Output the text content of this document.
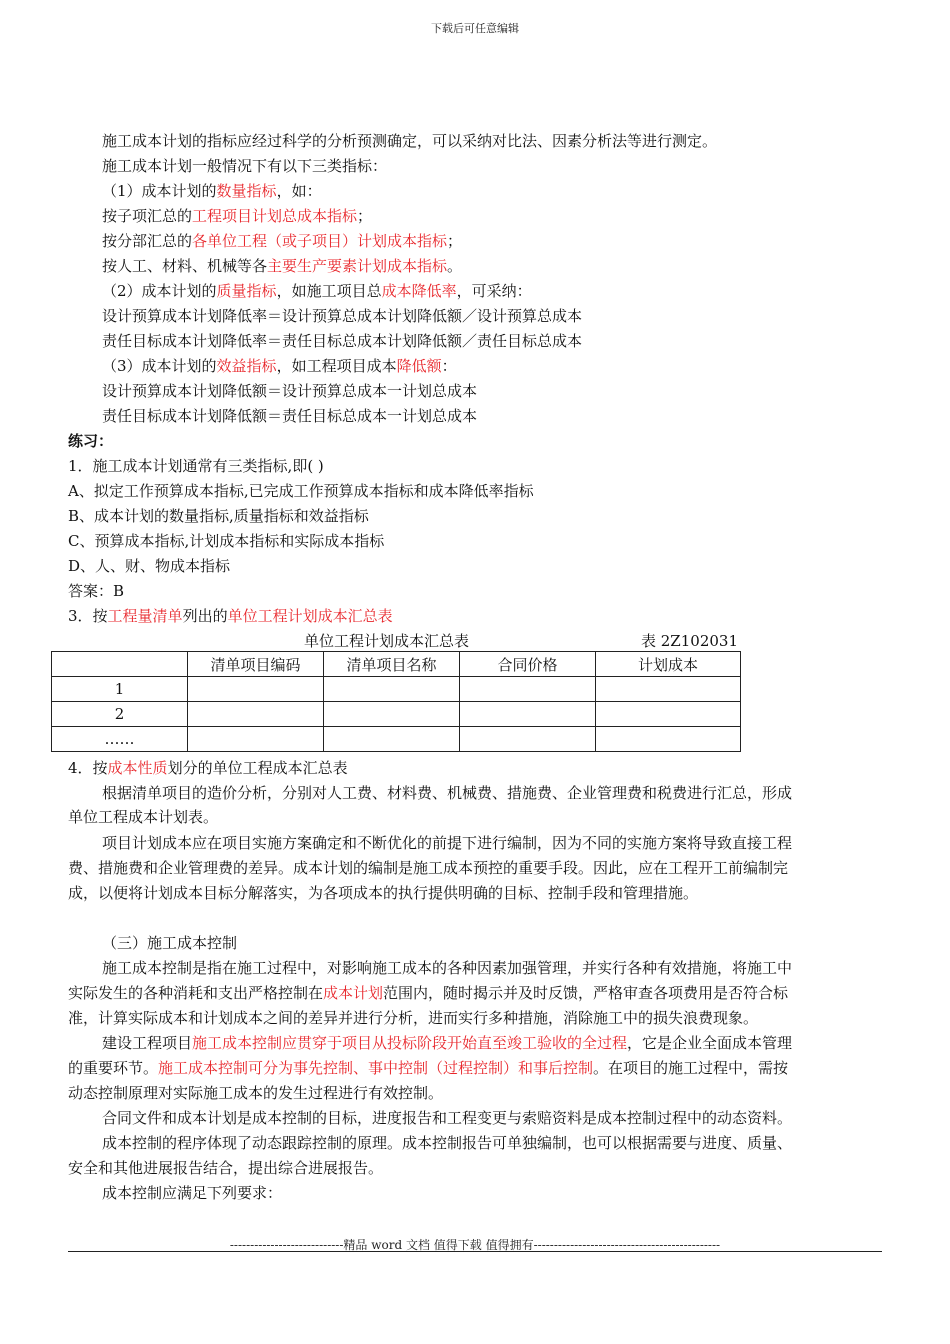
下载后可任意编辑
施工成本计划的指标应经过科学的分析预测确定，可以采纳对比法、因素分析法等进行测定。
施工成本计划一般情况下有以下三类指标：
（1）成本计划的数量指标，如：
按子项汇总的工程项目计划总成本指标；
按分部汇总的各单位工程（或子项目）计划成本指标；
按人工、材料、机械等各主要生产要素计划成本指标。
（2）成本计划的质量指标，如施工项目总成本降低率，可采纳：
设计预算成本计划降低率＝设计预算总成本计划降低额／设计预算总成本
责任目标成本计划降低率＝责任目标总成本计划降低额／责任目标总成本
（3）成本计划的效益指标，如工程项目成本降低额：
设计预算成本计划降低额＝设计预算总成本一计划总成本
责任目标成本计划降低额＝责任目标总成本一计划总成本
练习：
1．施工成本计划通常有三类指标,即( )
A、拟定工作预算成本指标,已完成工作预算成本指标和成本降低率指标
B、成本计划的数量指标,质量指标和效益指标
C、预算成本指标,计划成本指标和实际成本指标
D、人、财、物成本指标
答案：B
3．按工程量清单列出的单位工程计划成本汇总表
单位工程计划成本汇总表	表 2Z102031
	清单项目编码	清单项目名称	合同价格	计划成本
1				
2				
……				
4．按成本性质划分的单位工程成本汇总表
根据清单项目的造价分析，分别对人工费、材料费、机械费、措施费、企业管理费和税费进行汇总，形成
单位工程成本计划表。
项目计划成本应在项目实施方案确定和不断优化的前提下进行编制，因为不同的实施方案将导致直接工程
费、措施费和企业管理费的差异。成本计划的编制是施工成本预控的重要手段。因此，应在工程开工前编制完
成，以便将计划成本目标分解落实，为各项成本的执行提供明确的目标、控制手段和管理措施。
（三）施工成本控制
施工成本控制是指在施工过程中，对影响施工成本的各种因素加强管理，并实行各种有效措施，将施工中
实际发生的各种消耗和支出严格控制在成本计划范围内，随时揭示并及时反馈，严格审查各项费用是否符合标
准，计算实际成本和计划成本之间的差异并进行分析，进而实行多种措施，消除施工中的损失浪费现象。
建设工程项目施工成本控制应贯穿于项目从投标阶段开始直至竣工验收的全过程，它是企业全面成本管理
的重要环节。施工成本控制可分为事先控制、事中控制（过程控制）和事后控制。在项目的施工过程中，需按
动态控制原理对实际施工成本的发生过程进行有效控制。
合同文件和成本计划是成本控制的目标，进度报告和工程变更与索赔资料是成本控制过程中的动态资料。
成本控制的程序体现了动态跟踪控制的原理。成本控制报告可单独编制，也可以根据需要与进度、质量、
安全和其他进展报告结合，提出综合进展报告。
成本控制应满足下列要求：
----------------------------精品 word 文档 值得下载 值得拥有----------------------------------------------
